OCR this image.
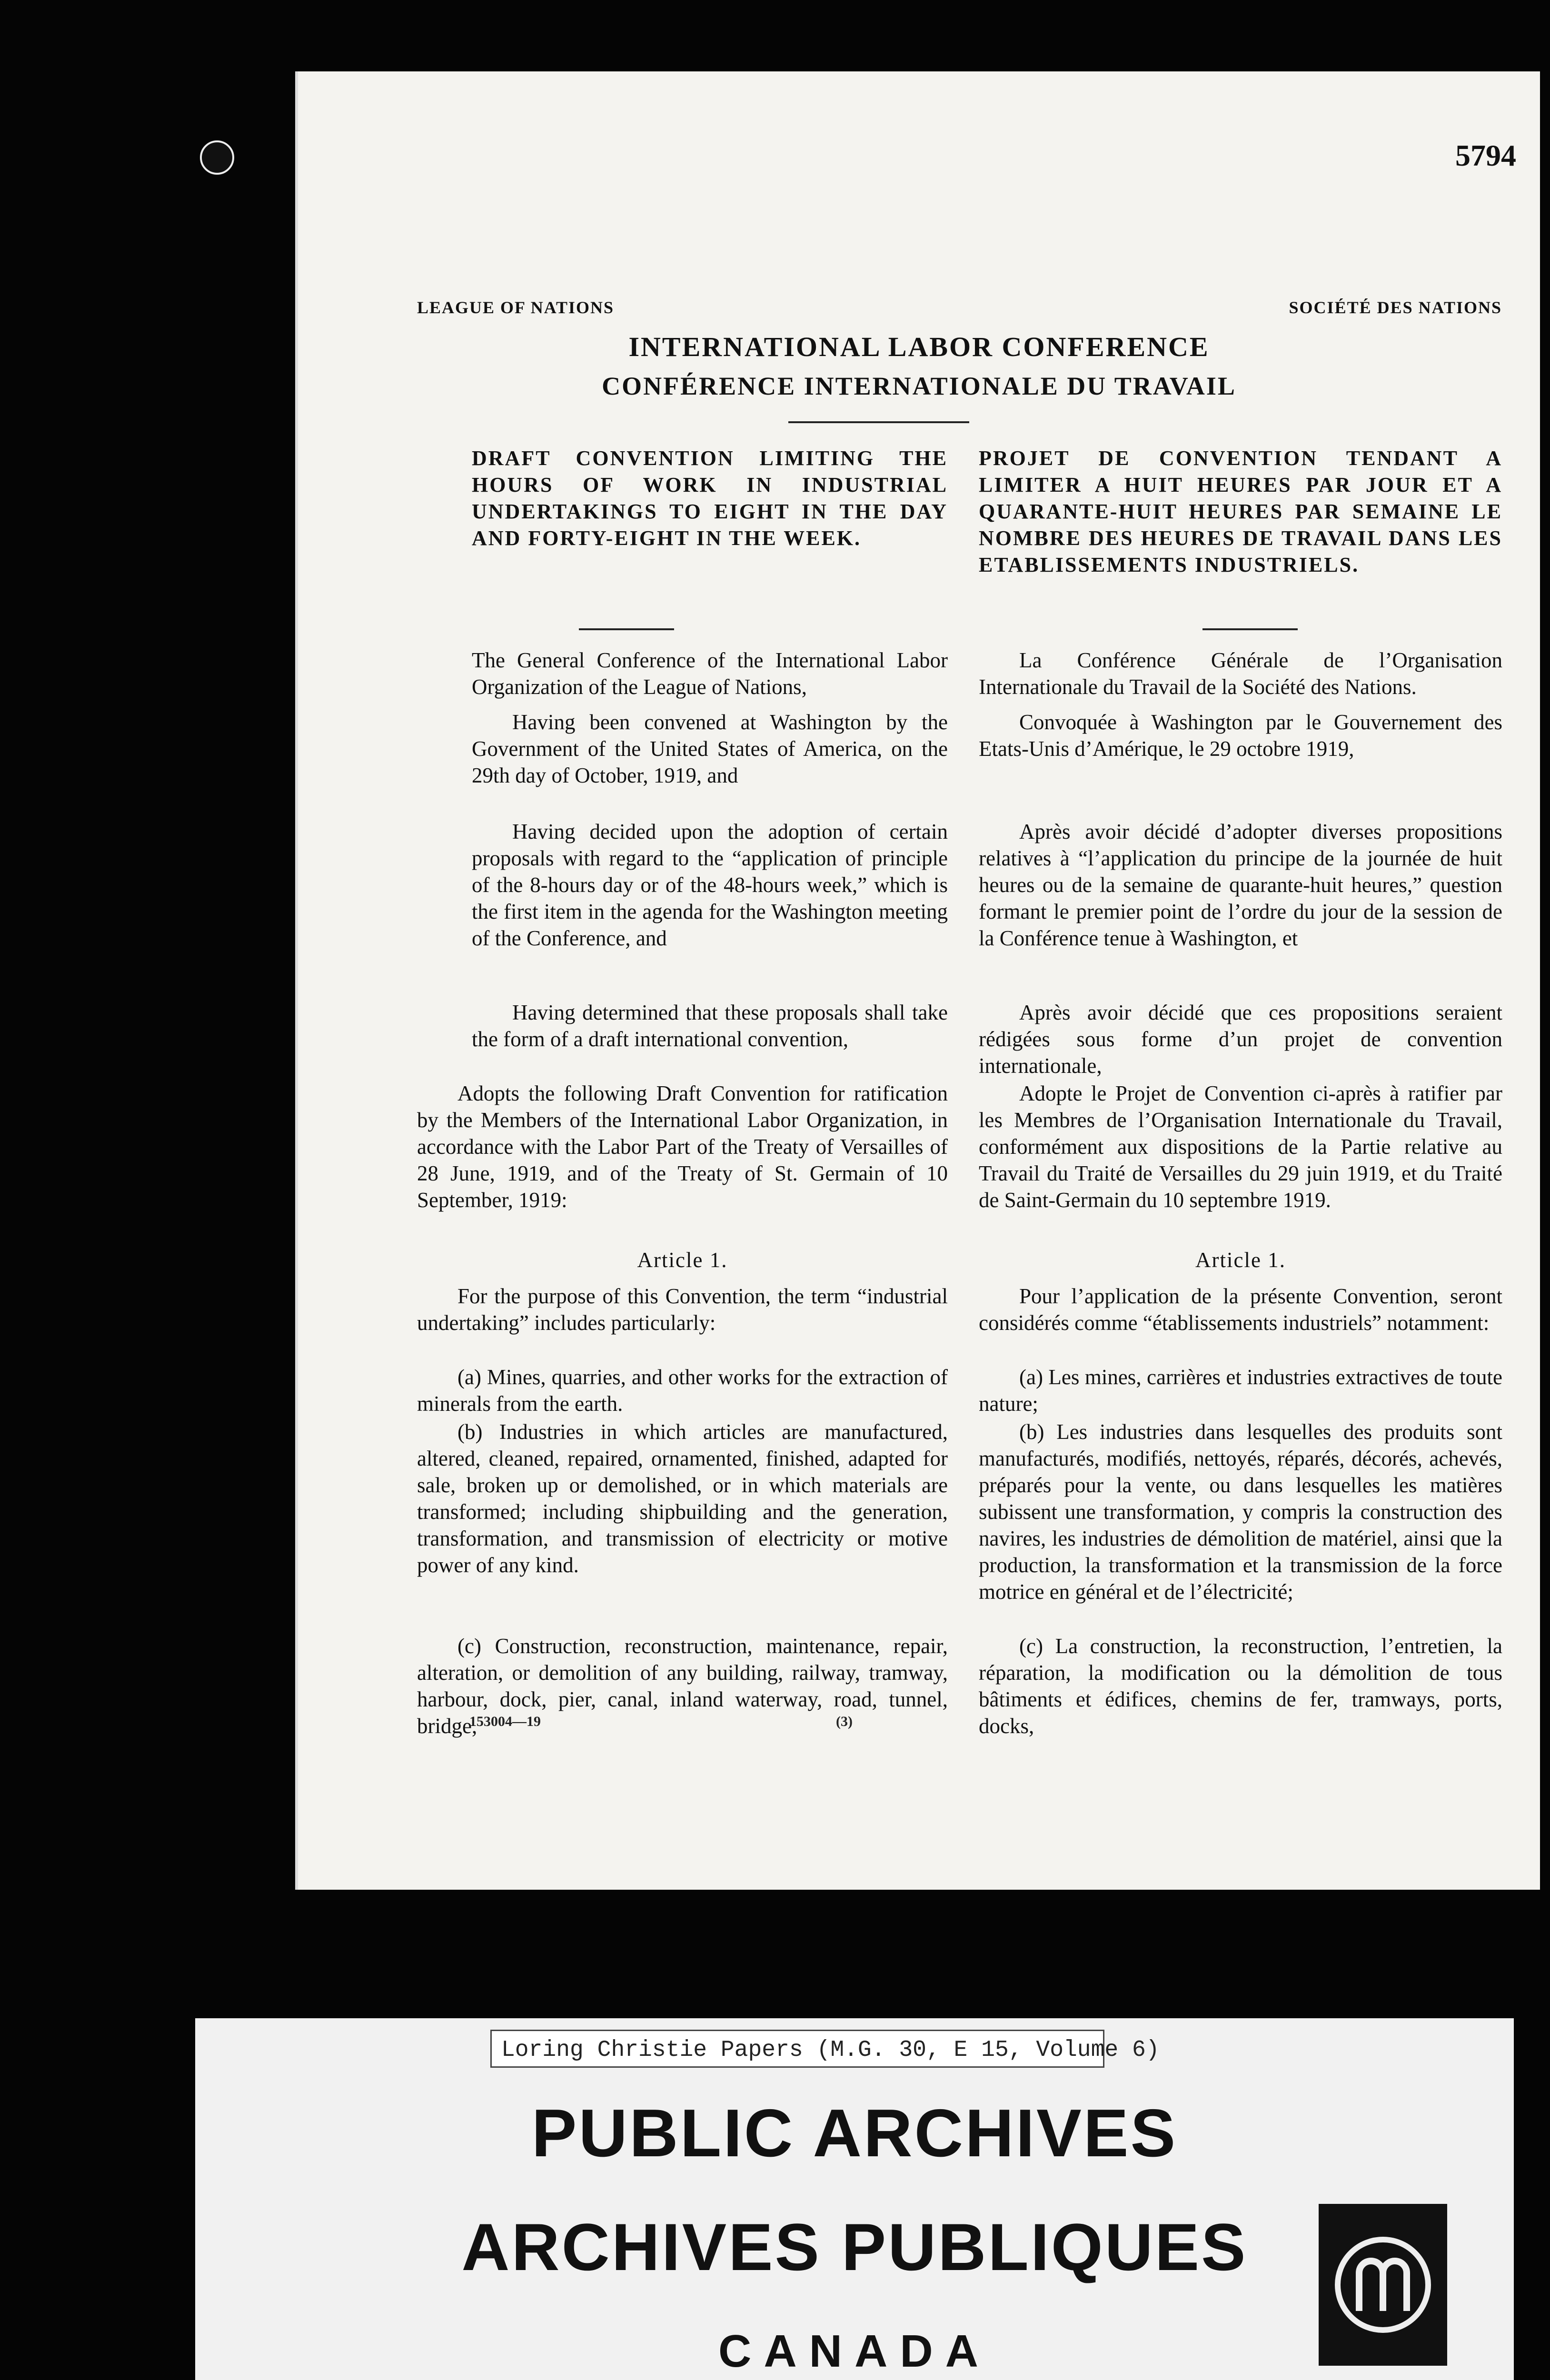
5794
LEAGUE OF NATIONS	SOCIÉTÉ DES NATIONS
INTERNATIONAL LABOR CONFERENCE
CONFÉRENCE INTERNATIONALE DU TRAVAIL

DRAFT CONVENTION LIMITING THE HOURS OF WORK IN INDUSTRIAL UNDERTAKINGS TO EIGHT IN THE DAY AND FORTY-EIGHT IN THE WEEK.

The General Conference of the International Labor Organization of the League of Nations,

Having been convened at Washington by the Government of the United States of America, on the 29th day of October, 1919, and

Having decided upon the adoption of certain proposals with regard to the “application of principle of the 8-hours day or of the 48-hours week,” which is the first item in the agenda for the Washington meeting of the Conference, and

Having determined that these proposals shall take the form of a draft international convention,

Adopts the following Draft Convention for ratification by the Members of the International Labor Organization, in accordance with the Labor Part of the Treaty of Versailles of 28 June, 1919, and of the Treaty of St. Germain of 10 September, 1919:

Article 1.

For the purpose of this Convention, the term “industrial undertaking” includes particularly:

(a) Mines, quarries, and other works for the extraction of minerals from the earth.

(b) Industries in which articles are manufactured, altered, cleaned, repaired, ornamented, finished, adapted for sale, broken up or demolished, or in which materials are transformed; including shipbuilding and the generation, transformation, and transmission of electricity or motive power of any kind.

(c) Construction, reconstruction, maintenance, repair, alteration, or demolition of any building, railway, tramway, harbour, dock, pier, canal, inland waterway, road, tunnel, bridge,

PROJET DE CONVENTION TENDANT A LIMITER A HUIT HEURES PAR JOUR ET A QUARANTE-HUIT HEURES PAR SEMAINE LE NOMBRE DES HEURES DE TRAVAIL DANS LES ETABLISSEMENTS INDUSTRIELS.

La Conférence Générale de l’Organisation Internationale du Travail de la Société des Nations.

Convoquée à Washington par le Gouvernement des Etats-Unis d’Amérique, le 29 octobre 1919,

Après avoir décidé d’adopter diverses propositions relatives à “l’application du principe de la journée de huit heures ou de la semaine de quarante-huit heures,” question formant le premier point de l’ordre du jour de la session de la Conférence tenue à Washington, et

Après avoir décidé que ces propositions seraient rédigées sous forme d’un projet de convention internationale,

Adopte le Projet de Convention ci-après à ratifier par les Membres de l’Organisation Internationale du Travail, conformément aux dispositions de la Partie relative au Travail du Traité de Versailles du 29 juin 1919, et du Traité de Saint-Germain du 10 septembre 1919.

Article 1.

Pour l’application de la présente Convention, seront considérés comme “établissements industriels” notamment:

(a) Les mines, carrières et industries extractives de toute nature;

(b) Les industries dans lesquelles des produits sont manufacturés, modifiés, nettoyés, réparés, décorés, achevés, préparés pour la vente, ou dans lesquelles les matières subissent une transformation, y compris la construction des navires, les industries de démolition de matériel, ainsi que la production, la transformation et la transmission de la force motrice en général et de l’électricité;

(c) La construction, la reconstruction, l’entretien, la réparation, la modification ou la démolition de tous bâtiments et édifices, chemins de fer, tramways, ports, docks,

153004—19	(3)
Loring Christie Papers (M.G. 30, E 15, Volume 6)
PUBLIC ARCHIVES
ARCHIVES PUBLIQUES
CANADA
